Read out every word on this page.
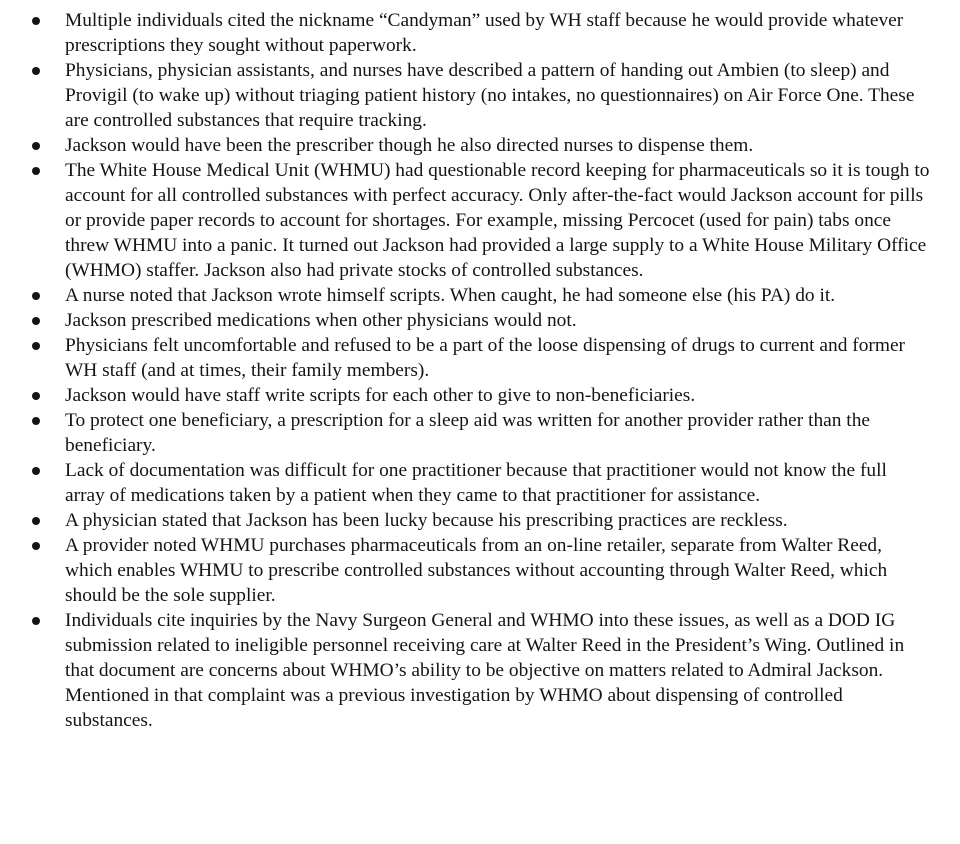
Multiple individuals cited the nickname “Candyman” used by WH staff because he would provide whatever prescriptions they sought without paperwork.
Physicians, physician assistants, and nurses have described a pattern of handing out Ambien (to sleep) and Provigil (to wake up) without triaging patient history (no intakes, no questionnaires) on Air Force One. These are controlled substances that require tracking.
Jackson would have been the prescriber though he also directed nurses to dispense them.
The White House Medical Unit (WHMU) had questionable record keeping for pharmaceuticals so it is tough to account for all controlled substances with perfect accuracy. Only after-the-fact would Jackson account for pills or provide paper records to account for shortages. For example, missing Percocet (used for pain) tabs once threw WHMU into a panic. It turned out Jackson had provided a large supply to a White House Military Office (WHMO) staffer. Jackson also had private stocks of controlled substances.
A nurse noted that Jackson wrote himself scripts. When caught, he had someone else (his PA) do it.
Jackson prescribed medications when other physicians would not.
Physicians felt uncomfortable and refused to be a part of the loose dispensing of drugs to current and former WH staff (and at times, their family members).
Jackson would have staff write scripts for each other to give to non-beneficiaries.
To protect one beneficiary, a prescription for a sleep aid was written for another provider rather than the beneficiary.
Lack of documentation was difficult for one practitioner because that practitioner would not know the full array of medications taken by a patient when they came to that practitioner for assistance.
A physician stated that Jackson has been lucky because his prescribing practices are reckless.
A provider noted WHMU purchases pharmaceuticals from an on-line retailer, separate from Walter Reed, which enables WHMU to prescribe controlled substances without accounting through Walter Reed, which should be the sole supplier.
Individuals cite inquiries by the Navy Surgeon General and WHMO into these issues, as well as a DOD IG submission related to ineligible personnel receiving care at Walter Reed in the President’s Wing. Outlined in that document are concerns about WHMO’s ability to be objective on matters related to Admiral Jackson. Mentioned in that complaint was a previous investigation by WHMO about dispensing of controlled substances.
